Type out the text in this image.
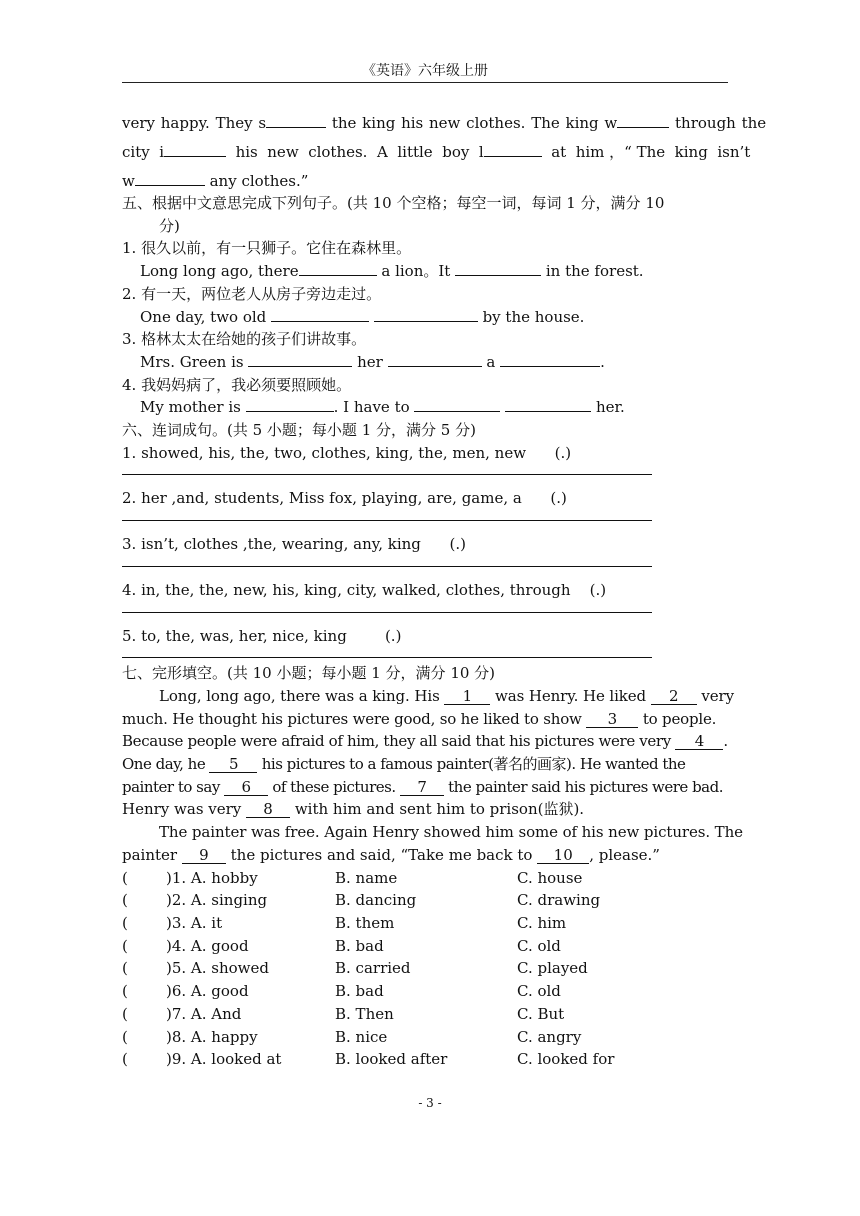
《英语》六年级上册

very happy. They s	the king his new clothes. The king w	through the

city  i	his  new  clothes.  A  little  boy  l	at  him ，“ The  king  isn’t

w	any clothes.”

五、根据中文意思完成下列句子。(共 10 个空格；每空一词，每词 1 分，满分 10

分)

1. 很久以前，有一只狮子。它住在森林里。

Long long ago, there	a lion。It	in the forest.

2. 有一天，两位老人从房子旁边走过。

One day, two old	by the house.

3. 格林太太在给她的孩子们讲故事。

Mrs. Green is	her	a	.

4. 我妈妈病了，我必须要照顾她。

My mother is	. I have to	her.

六、连词成句。(共 5 小题；每小题 1 分，满分 5 分)

1. showed, his, the, two, clothes, king, the, men, new      (.)

2. her ,and, students, Miss fox, playing, are, game, a      (.)

3. isn’t, clothes ,the, wearing, any, king      (.)

4. in, the, the, new, his, king, city, walked, clothes, through    (.)

5. to, the, was, her, nice, king        (.)

七、完形填空。(共 10 小题；每小题 1 分，满分 10 分)

Long, long ago, there was a king. His 1 was Henry. He liked 2 very

much. He thought his pictures were good, so he liked to show 3 to people.

Because people were afraid of him, they all said that his pictures were very 4 .

One day, he 5 his pictures to a famous painter(著名的画家). He wanted the

painter to say 6 of these pictures. 7 the painter said his pictures were bad.

Henry was very 8 with him and sent him to prison(监狱).

The painter was free. Again Henry showed him some of his new pictures. The

painter 9 the pictures and said, “Take me back to 10 , please.”

(        )1. A. hobby	B. name	C. house
(        )2. A. singing	B. dancing	C. drawing
(        )3. A. it	B. them	C. him
(        )4. A. good	B. bad	C. old
(        )5. A. showed	B. carried	C. played
(        )6. A. good	B. bad	C. old
(        )7. A. And	B. Then	C. But
(        )8. A. happy	B. nice	C. angry
(        )9. A. looked at	B. looked after	C. looked for
- 3 -
